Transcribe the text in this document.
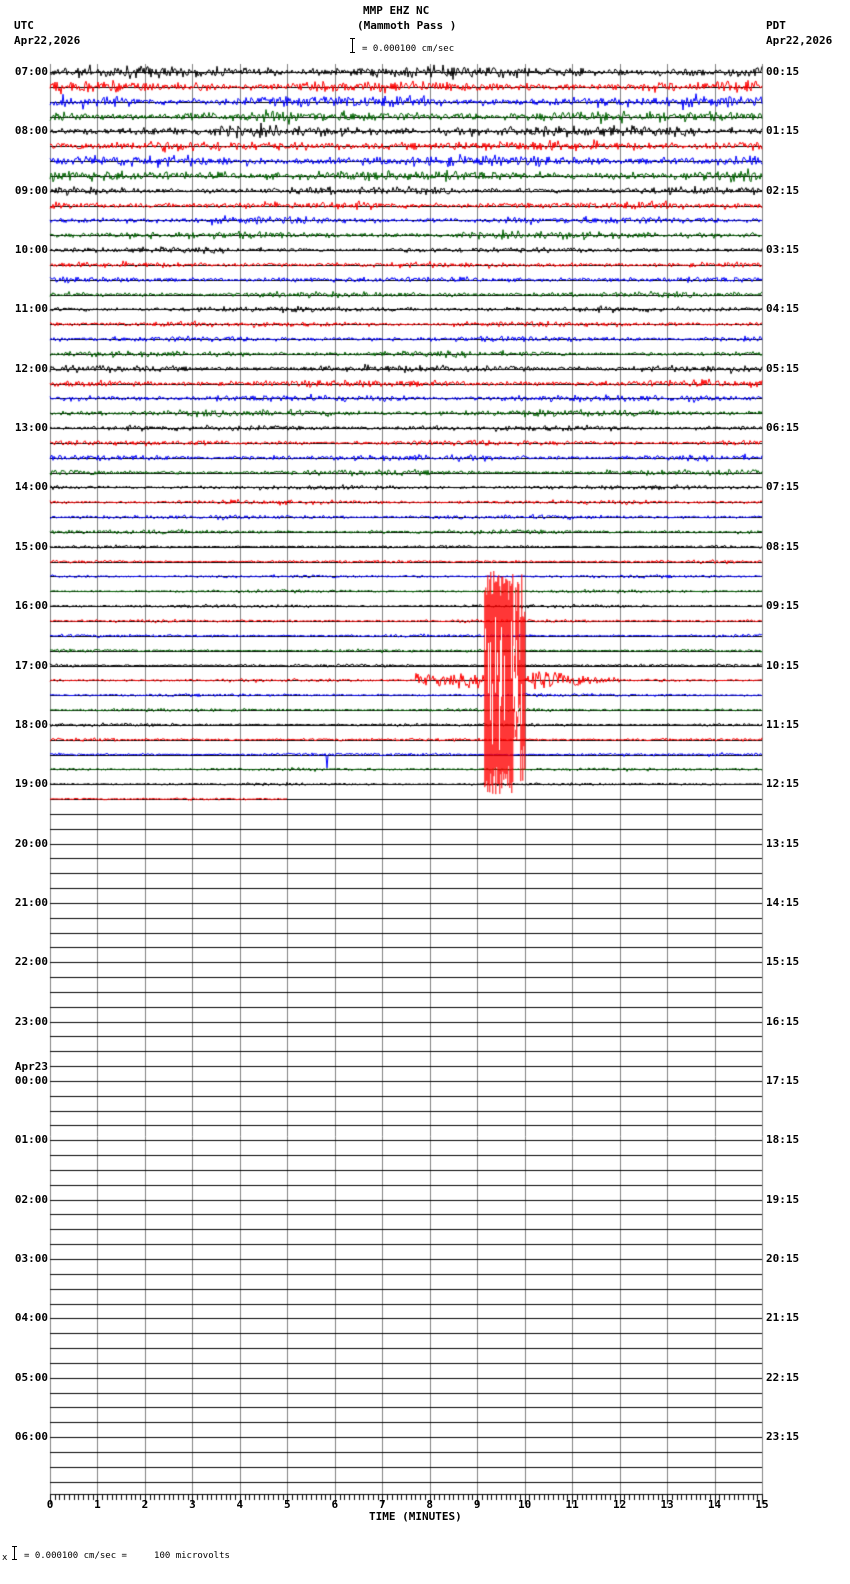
07:00
08:00
09:00
10:00
11:00
12:00
13:00
14:00
15:00
16:00
17:00
18:00
19:00
20:00
21:00
22:00
23:00
Apr23
00:00
01:00
02:00
03:00
04:00
05:00
06:00
00:15
01:15
02:15
03:15
04:15
05:15
06:15
07:15
08:15
09:15
10:15
11:15
12:15
13:15
14:15
15:15
16:15
17:15
18:15
19:15
20:15
21:15
22:15
23:15
0	1	2	3	4	5	6	7	8	9	10	11	12	13	14	15
TIME (MINUTES)
x = 0.000100 cm/sec =     100 microvolts
